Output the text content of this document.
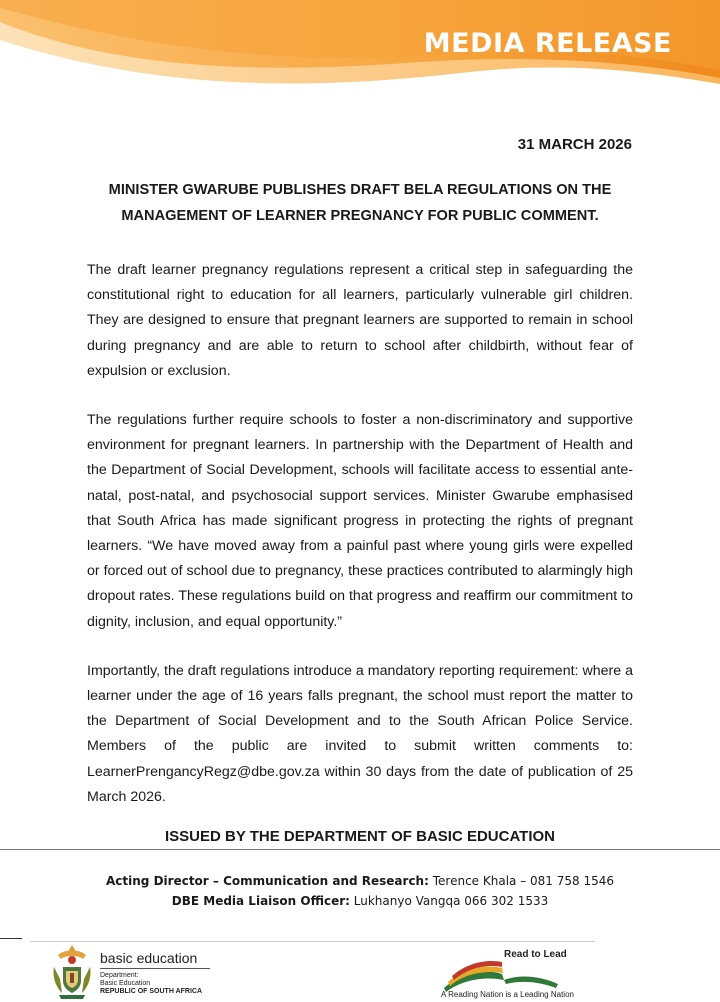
MEDIA RELEASE
31 MARCH 2026
MINISTER GWARUBE PUBLISHES DRAFT BELA REGULATIONS ON THE
MANAGEMENT OF LEARNER PREGNANCY FOR PUBLIC COMMENT.

The draft learner pregnancy regulations represent a critical step in safeguarding the constitutional right to education for all learners, particularly vulnerable girl children. They are designed to ensure that pregnant learners are supported to remain in school during pregnancy and are able to return to school after childbirth, without fear of expulsion or exclusion.

The regulations further require schools to foster a non-discriminatory and supportive environment for pregnant learners. In partnership with the Department of Health and the Department of Social Development, schools will facilitate access to essential ante-natal, post-natal, and psychosocial support services. Minister Gwarube emphasised that South Africa has made significant progress in protecting the rights of pregnant learners. “We have moved away from a painful past where young girls were expelled or forced out of school due to pregnancy, these practices contributed to alarmingly high dropout rates. These regulations build on that progress and reaffirm our commitment to dignity, inclusion, and equal opportunity.”

Importantly, the draft regulations introduce a mandatory reporting requirement: where a learner under the age of 16 years falls pregnant, the school must report the matter to the Department of Social Development and to the South African Police Service. Members of the public are invited to submit written comments to: LearnerPrengancyRegz@dbe.gov.za within 30 days from the date of publication of 25 March 2026.

ISSUED BY THE DEPARTMENT OF BASIC EDUCATION
Acting Director – Communication and Research: Terence Khala – 081 758 1546
DBE Media Liaison Officer: Lukhanyo Vangqa 066 302 1533
basic education
Department:
Basic Education
REPUBLIC OF SOUTH AFRICA
Read to Lead
A Reading Nation is a Leading Nation
